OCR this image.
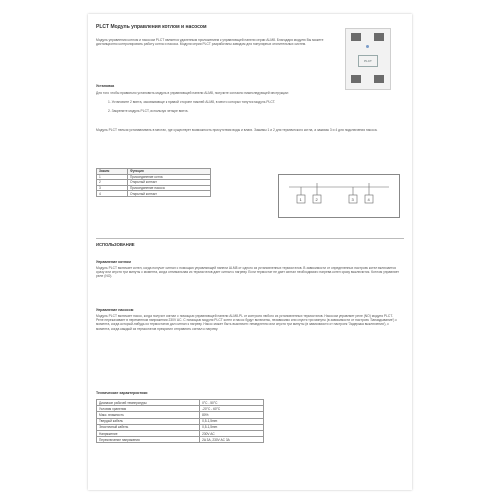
PLCT Модуль управления котлом и насосом
Модуль управления котлом и насосом PLCT является удаленным приложением к управляющей панели серии ALM8. Благодаря модулю Вы можете дистанционно контролировать работу котла и насоса. Модули серии PLCT разработаны заводом для популярных отопительных систем.
PLCT
Установка
Для того чтобы правильно установить модуль в управляющей панели ALM8, получите согласно нижеследующей инструкции:
1. Установите 2 винта, засовывающе к правой стороне нижней ALM8, в место которых тянутся модуль PLCT.
2. Закрепите модуль PLCT, используя четыре винта.
Модуль PLCT нельзя устанавливать в местах, где существует возможность присутствия воды и влаги. Зажимы 1 и 2 для термического котла, а зажимы 3 и 4 для подключения насоса.
Зажим	Функция
1	Присоединение котла
2	Открытый контакт
3	Присоединение насоса
4	Открытый контакт
1	2	3	4
ИСПОЛЬЗОВАНИЕ
Управление котлом
Модуль PLCT включает котел, когда получит сигнал с помощью управляющей панели ALM8 от одного из установленных термостатов. В зависимости от определенных настроек котел включается сразу или спустя три минуты с момента, когда оптимальная из термостатов дает сигнал к нагреву. Если термостат не дает сигнал необходимого нагрева котел сразу выключится. Котлом управляет реле (NO).
Управление насосом
Модуль PLCT включает насос, когда получит сигнал с помощью управляющей панели ALM8-PL от контроля любого из установленных термостатов. Насосом управляет реле (NO) модуля PLCT. Реле перекачивает в переменном напряжении 230V AC. С помощью модуля PLCT котел и насос будут включены, независимо или спустя три минуты (в зависимости от настроек 'Запаздывание') с момента, когда который-нибудь из термостатов дал сигнал к нагреву. Насос может быть выключен: немедленно или спустя три минуты (в зависимости от настроек 'Задержка выключения'), с момента, когда каждый из термостатов прекратил отправлять сигнал к нагреву.
Технические характеристики
Диапазон рабочей температуры	0°C - 50°C
Условия хранения	-20°C - 60°C
Макс. влажность	80%
Твердый кабель	0,5-1,5mm
Эластичный кабель	0,5-1,5mm
Напряжение	230V AC
Переключение напряжения	2A 3A, 230V AC 3A
